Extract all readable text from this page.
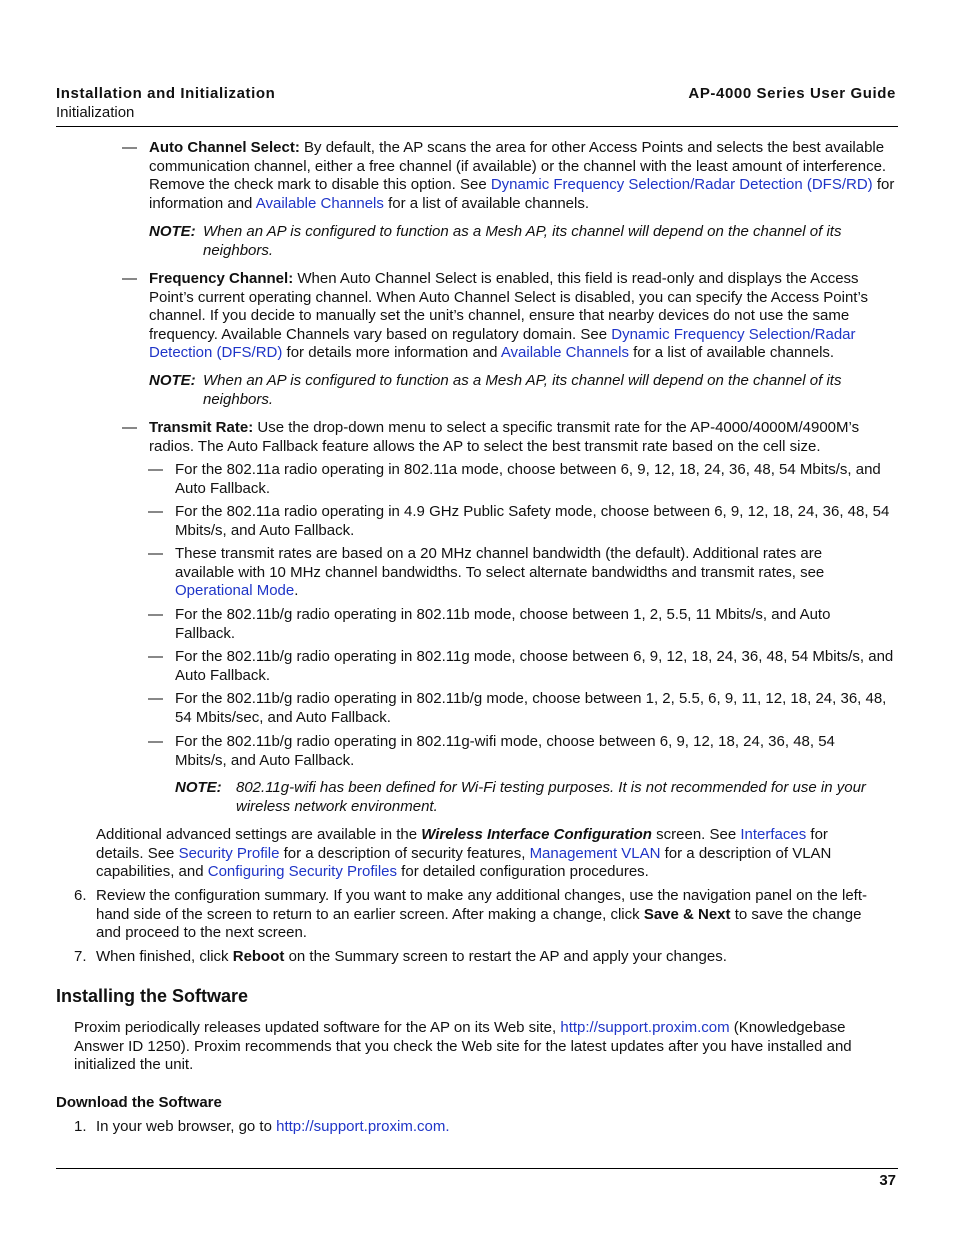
Installation and Initialization
Initialization
AP-4000 Series User Guide
— Auto Channel Select: By default, the AP scans the area for other Access Points and selects the best available communication channel, either a free channel (if available) or the channel with the least amount of interference. Remove the check mark to disable this option. See Dynamic Frequency Selection/Radar Detection (DFS/RD) for information and Available Channels for a list of available channels.
NOTE: When an AP is configured to function as a Mesh AP, its channel will depend on the channel of its neighbors.
— Frequency Channel: When Auto Channel Select is enabled, this field is read-only and displays the Access Point’s current operating channel. When Auto Channel Select is disabled, you can specify the Access Point’s channel. If you decide to manually set the unit’s channel, ensure that nearby devices do not use the same frequency. Available Channels vary based on regulatory domain. See Dynamic Frequency Selection/Radar Detection (DFS/RD) for details more information and Available Channels for a list of available channels.
NOTE: When an AP is configured to function as a Mesh AP, its channel will depend on the channel of its neighbors.
— Transmit Rate: Use the drop-down menu to select a specific transmit rate for the AP-4000/4000M/4900M’s radios. The Auto Fallback feature allows the AP to select the best transmit rate based on the cell size.
— For the 802.11a radio operating in 802.11a mode, choose between 6, 9, 12, 18, 24, 36, 48, 54 Mbits/s, and Auto Fallback.
— For the 802.11a radio operating in 4.9 GHz Public Safety mode, choose between 6, 9, 12, 18, 24, 36, 48, 54 Mbits/s, and Auto Fallback.
— These transmit rates are based on a 20 MHz channel bandwidth (the default). Additional rates are available with 10 MHz channel bandwidths. To select alternate bandwidths and transmit rates, see Operational Mode.
— For the 802.11b/g radio operating in 802.11b mode, choose between 1, 2, 5.5, 11 Mbits/s, and Auto Fallback.
— For the 802.11b/g radio operating in 802.11g mode, choose between 6, 9, 12, 18, 24, 36, 48, 54 Mbits/s, and Auto Fallback.
— For the 802.11b/g radio operating in 802.11b/g mode, choose between 1, 2, 5.5, 6, 9, 11, 12, 18, 24, 36, 48, 54 Mbits/sec, and Auto Fallback.
— For the 802.11b/g radio operating in 802.11g-wifi mode, choose between 6, 9, 12, 18, 24, 36, 48, 54 Mbits/s, and Auto Fallback.
NOTE: 802.11g-wifi has been defined for Wi-Fi testing purposes. It is not recommended for use in your wireless network environment.
Additional advanced settings are available in the Wireless Interface Configuration screen. See Interfaces for details. See Security Profile for a description of security features, Management VLAN for a description of VLAN capabilities, and Configuring Security Profiles for detailed configuration procedures.
6. Review the configuration summary. If you want to make any additional changes, use the navigation panel on the left-hand side of the screen to return to an earlier screen. After making a change, click Save & Next to save the change and proceed to the next screen.
7. When finished, click Reboot on the Summary screen to restart the AP and apply your changes.
Installing the Software
Proxim periodically releases updated software for the AP on its Web site, http://support.proxim.com (Knowledgebase Answer ID 1250). Proxim recommends that you check the Web site for the latest updates after you have installed and initialized the unit.
Download the Software
1. In your web browser, go to http://support.proxim.com.
37
